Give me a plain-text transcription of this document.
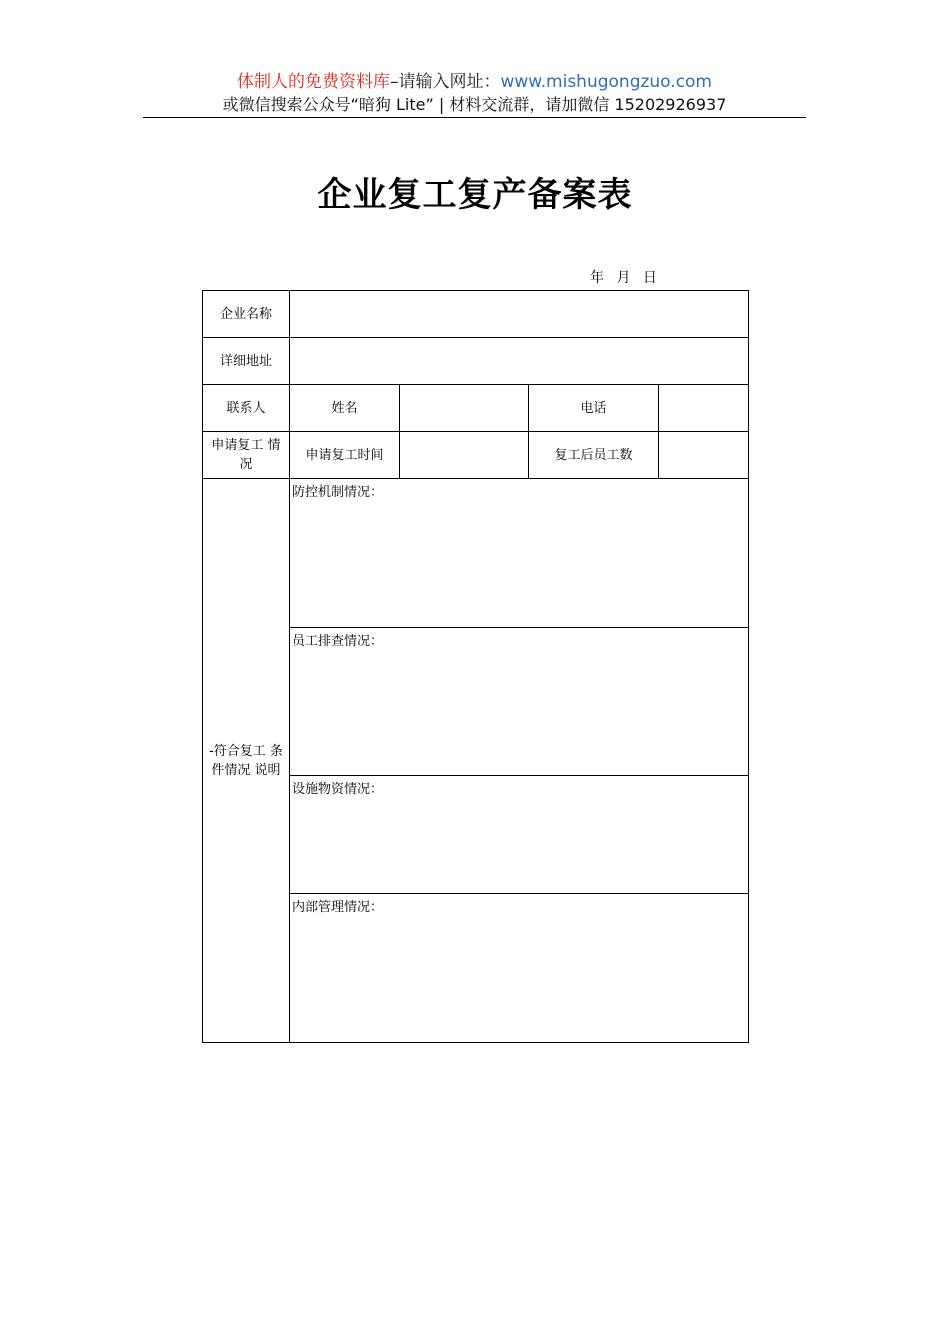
体制人的免费资料库–请输入网址：www.mishugongzuo.com
或微信搜索公众号“暗狗 Lite” | 材料交流群，请加微信 15202926937
企业复工复产备案表
年 月 日
企业名称				
详细地址				
联系人	姓名		电话	
申请复工 情况	申请复工时间		复工后员工数	
-符合复工 条件情况 说明	防控机制情况：			
	员工排查情况：			
	设施物资情况：			
	内部管理情况：			
